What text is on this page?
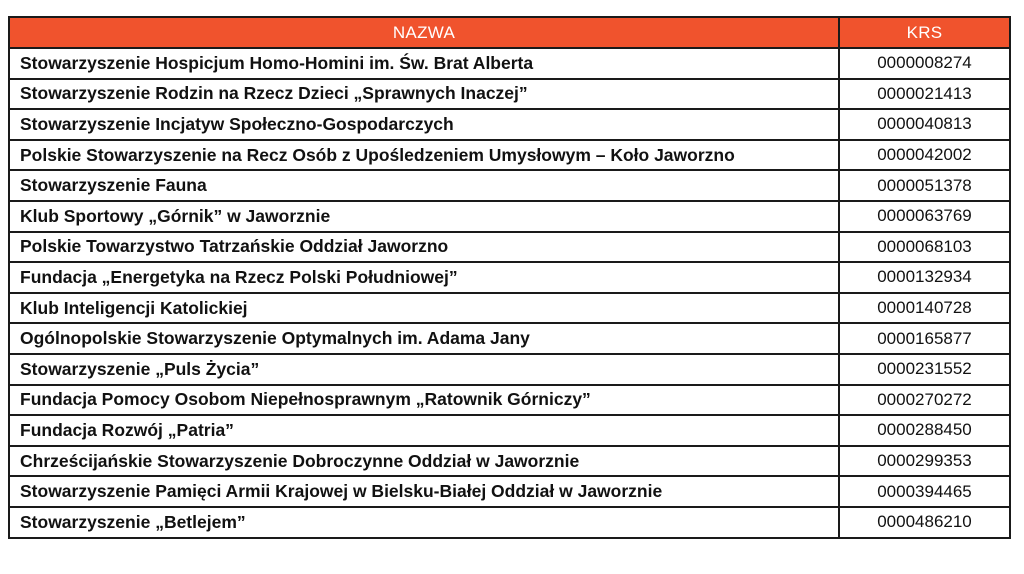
NAZWA	KRS
Stowarzyszenie Hospicjum Homo-Homini im. Św. Brat Alberta	0000008274
Stowarzyszenie Rodzin na Rzecz Dzieci „Sprawnych Inaczej”	0000021413
Stowarzyszenie Incjatyw Społeczno-Gospodarczych	0000040813
Polskie Stowarzyszenie na Recz Osób z Upośledzeniem Umysłowym – Koło Jaworzno	0000042002
Stowarzyszenie Fauna	0000051378
Klub Sportowy „Górnik” w Jaworznie	0000063769
Polskie Towarzystwo Tatrzańskie Oddział Jaworzno	0000068103
Fundacja „Energetyka na Rzecz Polski Południowej”	0000132934
Klub Inteligencji Katolickiej	0000140728
Ogólnopolskie Stowarzyszenie Optymalnych im. Adama Jany	0000165877
Stowarzyszenie „Puls Życia”	0000231552
Fundacja Pomocy Osobom Niepełnosprawnym „Ratownik Górniczy”	0000270272
Fundacja Rozwój „Patria”	0000288450
Chrześcijańskie Stowarzyszenie Dobroczynne Oddział w Jaworznie	0000299353
Stowarzyszenie Pamięci Armii Krajowej w Bielsku-Białej Oddział w Jaworznie	0000394465
Stowarzyszenie „Betlejem”	0000486210
